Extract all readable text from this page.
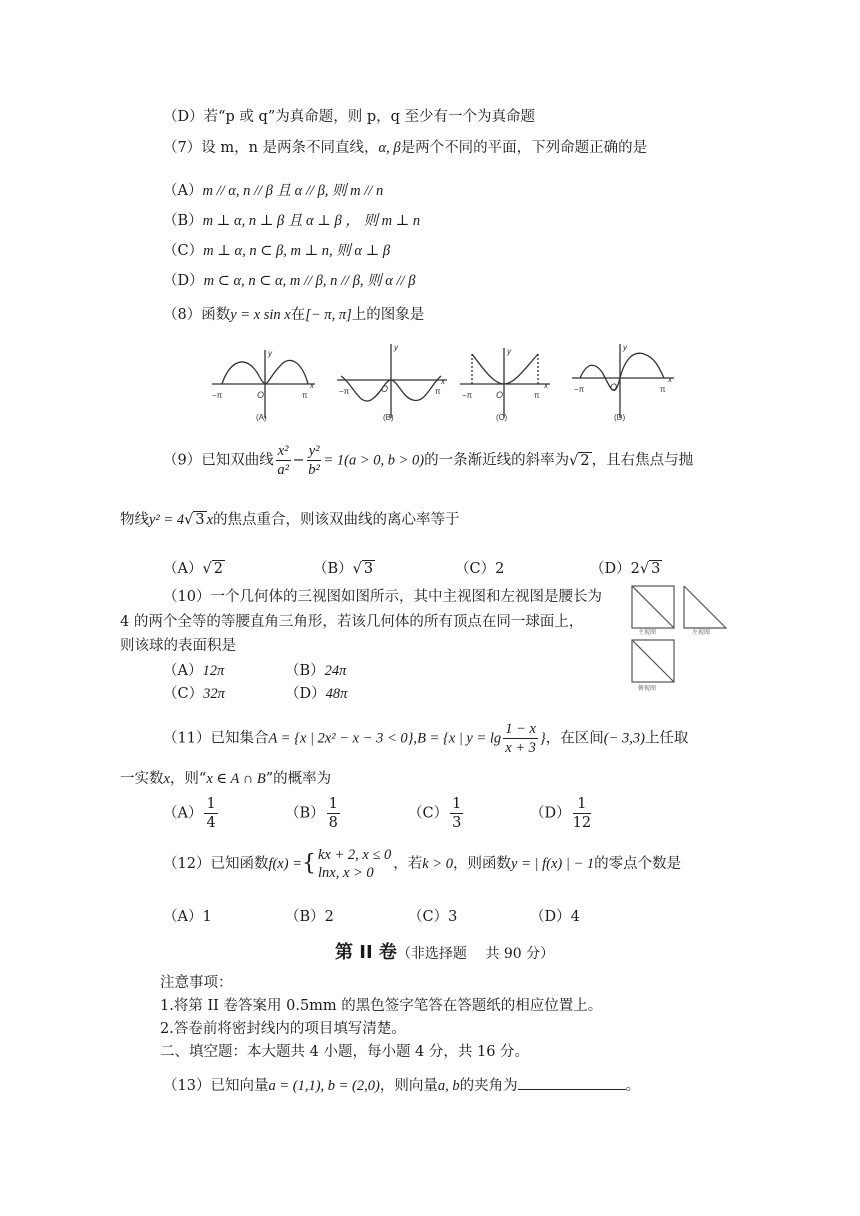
（D）若“p 或 q”为真命题，则 p，q 至少有一个为真命题
（7）设 m，n 是两条不同直线，α, β是两个不同的平面，下列命题正确的是
（A）m // α, n // β 且 α // β, 则 m // n
（B）m ⊥ α, n ⊥ β 且 α ⊥ β ， 则 m ⊥ n
（C）m ⊥ α, n ⊂ β, m ⊥ n, 则 α ⊥ β
（D）m ⊂ α, n ⊂ α, m // β, n // β, 则 α // β
（8）函数y = x sin x在[− π, π]上的图象是
−π	π
O
y
x
(A)
−π	π
O
y
x
(B)
−π	π
O
y
x
(C)
−π	π
O
y
x
(D)
（9）已知双曲线 $\frac{\text{x²}}{\text{a²}} - \frac{\text{y²}}{\text{b²}} = 1(a > 0$, b > 0)的一条渐近线的斜率为√ 2 ，且右焦点与抛
物线y² = 4√ 3 x的焦点重合，则该双曲线的离心率等于
（A）√ 2	（B）√ 3	（C）2	（D）2√ 3
（10）一个几何体的三视图如图所示，其中主视图和左视图是腰长为
4 的两个全等的等腰直角三角形，若该几何体的所有顶点在同一球面上，
则该球的表面积是
（A）12π	（B）24π
（C）32π	（D）48π
主视图	左视图
俯视图
（11）已知集合A = {x | 2x² − x − 3 < 0},B = {x | $y = \lg \frac{1 - x}{x + 3}$ }，在区间(− 3,3)上任取
一实数x，则“x ∈ A ∩ B”的概率为
$(A) \frac{1}{4}$	$(B) \frac{1}{8}$	$(C) \frac{1}{3}$	$(D) \frac{1}{12}$
（12）已知函数f(x) ={ kx + 2, x ≤ 0
lnx, x > 0
，若k > 0，则函数y = | f(x) | − 1的零点个数是
（A）1	（B）2	（C）3	（D）4
第 II 卷（非选择题　 共 90 分）
注意事项：
1.将第 II 卷答案用 0.5mm 的黑色签字笔答在答题纸的相应位置上。
2.答卷前将密封线内的项目填写清楚。
二、填空题：本大题共 4 小题，每小题 4 分，共 16 分。
（13）已知向量a = (1,1), b = (2,0)，则向量a, b的夹角为	。
